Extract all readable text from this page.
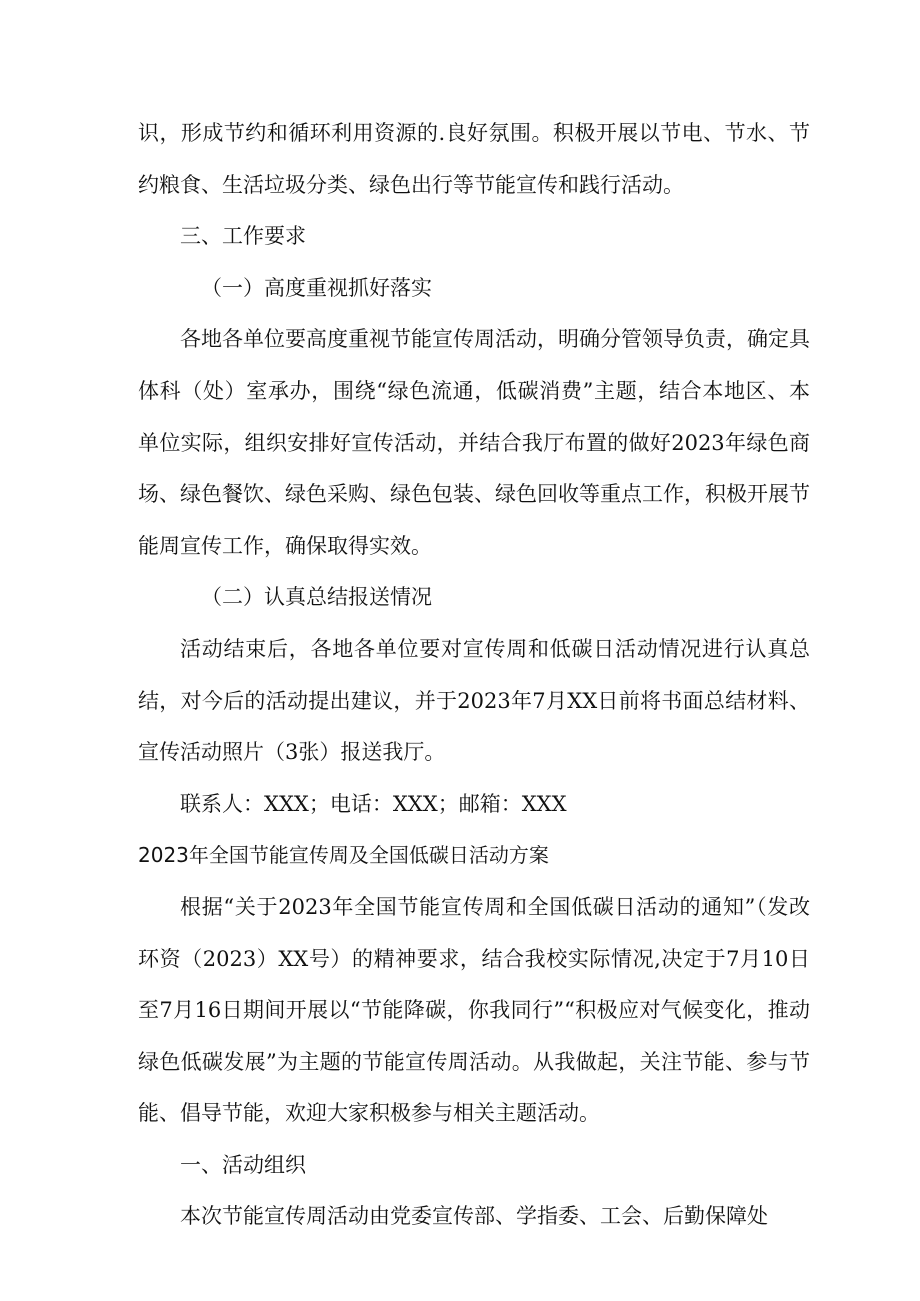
识，形成节约和循环利用资源的.良好氛围。积极开展以节电、节水、节约粮食、生活垃圾分类、绿色出行等节能宣传和践行活动。

三、工作要求

（一）高度重视抓好落实

各地各单位要高度重视节能宣传周活动，明确分管领导负责，确定具体科（处）室承办，围绕“绿色流通，低碳消费”主题，结合本地区、本单位实际，组织安排好宣传活动，并结合我厅布置的做好2023年绿色商场、绿色餐饮、绿色采购、绿色包装、绿色回收等重点工作，积极开展节能周宣传工作，确保取得实效。

（二）认真总结报送情况

活动结束后，各地各单位要对宣传周和低碳日活动情况进行认真总结，对今后的活动提出建议，并于2023年7月XX日前将书面总结材料、宣传活动照片（3张）报送我厅。

联系人：XXX；电话：XXX；邮箱：XXX

2023年全国节能宣传周及全国低碳日活动方案

根据“关于2023年全国节能宣传周和全国低碳日活动的通知”（发改环资（2023）XX号）的精神要求，结合我校实际情况,决定于7月10日至7月16日期间开展以“节能降碳，你我同行”“积极应对气候变化，推动绿色低碳发展”为主题的节能宣传周活动。从我做起，关注节能、参与节能、倡导节能，欢迎大家积极参与相关主题活动。

一、活动组织

本次节能宣传周活动由党委宣传部、学指委、工会、后勤保障处
